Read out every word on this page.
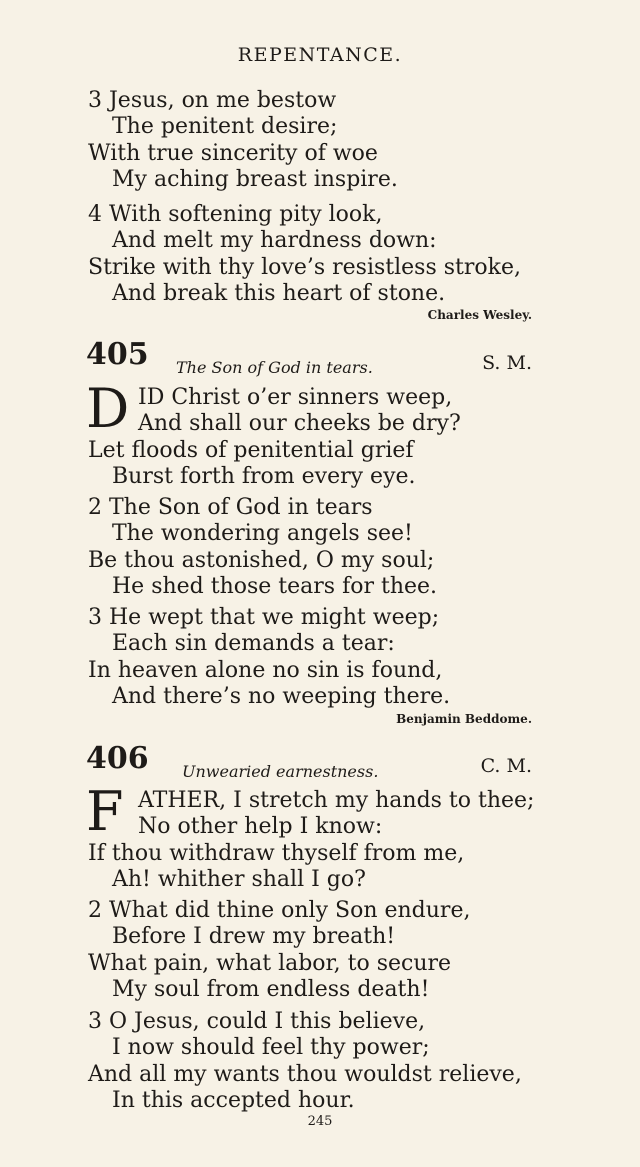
REPENTANCE.
3 Jesus, on me bestow
The penitent desire;
With true sincerity of woe
My aching breast inspire.
4 With softening pity look,
And melt my hardness down:
Strike with thy love’s resistless stroke,
And break this heart of stone.
Charles Wesley.
405 The Son of God in tears.	S. M.
D ID Christ o’er sinners weep,
And shall our cheeks be dry?
Let floods of penitential grief
Burst forth from every eye.
2 The Son of God in tears
The wondering angels see!
Be thou astonished, O my soul;
He shed those tears for thee.
3 He wept that we might weep;
Each sin demands a tear:
In heaven alone no sin is found,
And there’s no weeping there.
Benjamin Beddome.
406 Unwearied earnestness.	C. M.
F ATHER, I stretch my hands to thee;
No other help I know:
If thou withdraw thyself from me,
Ah! whither shall I go?
2 What did thine only Son endure,
Before I drew my breath!
What pain, what labor, to secure
My soul from endless death!
3 O Jesus, could I this believe,
I now should feel thy power;
And all my wants thou wouldst relieve,
In this accepted hour.
245
